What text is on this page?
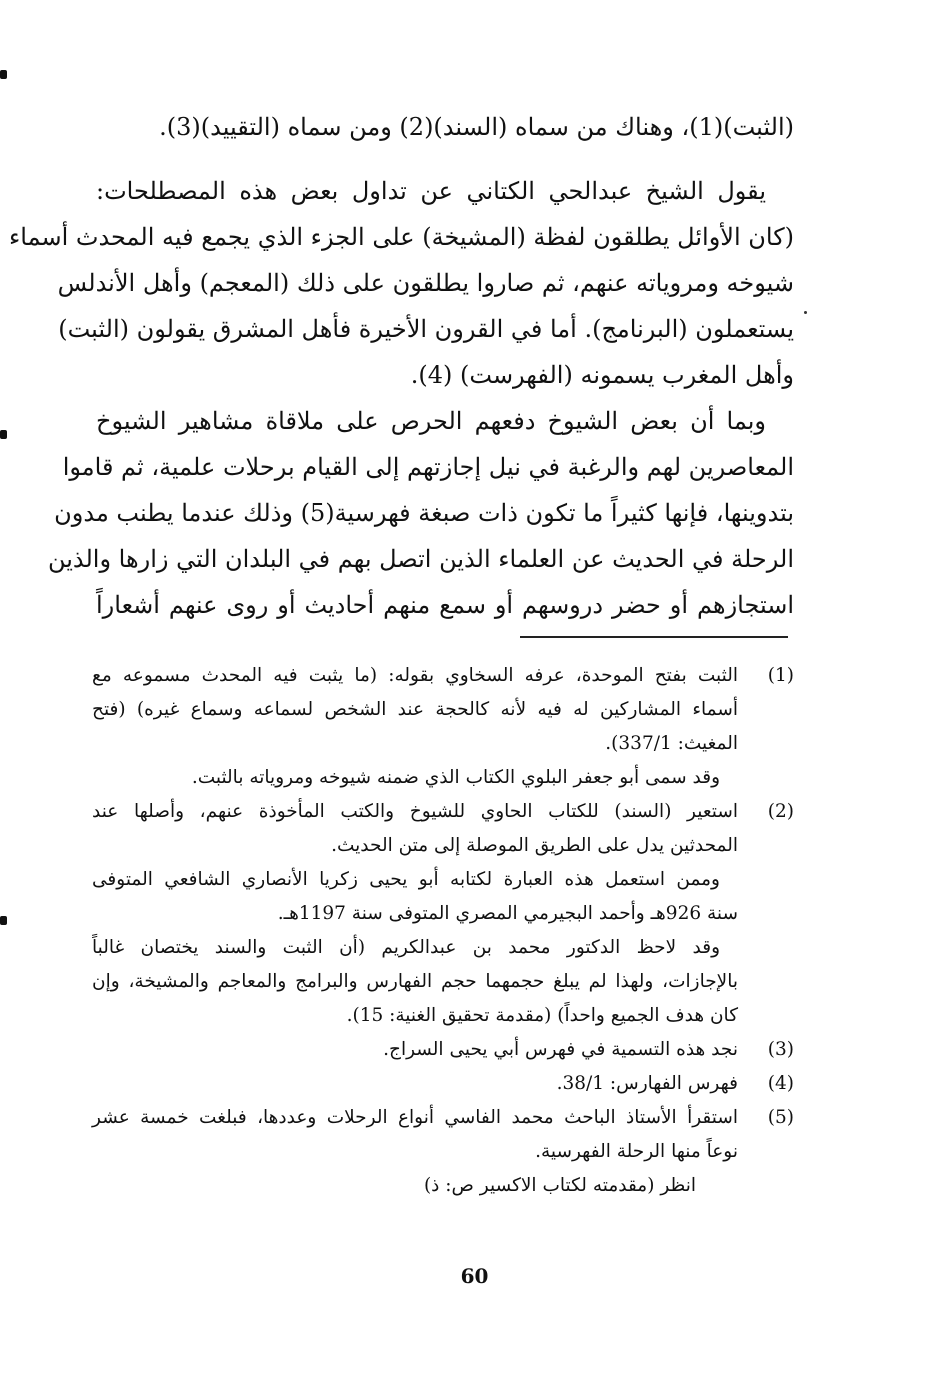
(الثبت)(1)، وهناك من سماه (السند)(2) ومن سماه (التقييد)(3).
يقول الشيخ عبدالحي الكتاني عن تداول بعض هذه المصطلحات:
(كان الأوائل يطلقون لفظة (المشيخة) على الجزء الذي يجمع فيه المحدث أسماء
شيوخه ومروياته عنهم، ثم صاروا يطلقون على ذلك (المعجم) وأهل الأندلس
يستعملون (البرنامج). أما في القرون الأخيرة فأهل المشرق يقولون (الثبت)
وأهل المغرب يسمونه (الفهرست) (4).
وبما أن بعض الشيوخ دفعهم الحرص على ملاقاة مشاهير الشيوخ
المعاصرين لهم والرغبة في نيل إجازتهم إلى القيام برحلات علمية، ثم قاموا
بتدوينها، فإنها كثيراً ما تكون ذات صبغة فهرسية(5) وذلك عندما يطنب مدون
الرحلة في الحديث عن العلماء الذين اتصل بهم في البلدان التي زارها والذين
استجازهم أو حضر دروسهم أو سمع منهم أحاديث أو روى عنهم أشعاراً
(1)
الثبت بفتح الموحدة، عرفه السخاوي بقوله: (ما يثبت فيه المحدث مسموعه مع
أسماء المشاركين له فيه لأنه كالحجة عند الشخص لسماعه وسماع غيره) (فتح
المغيث: 337/1).
وقد سمى أبو جعفر البلوي الكتاب الذي ضمنه شيوخه ومروياته بالثبت.
(2)
استعير (السند) للكتاب الحاوي للشيوخ والكتب المأخوذة عنهم، وأصلها عند
المحدثين يدل على الطريق الموصلة إلى متن الحديث.
وممن استعمل هذه العبارة لكتابه أبو يحيى زكريا الأنصاري الشافعي المتوفى
سنة 926هـ وأحمد البجيرمي المصري المتوفى سنة 1197هـ.
وقد لاحظ الدكتور محمد بن عبدالكريم (أن الثبت والسند يختصان غالباً
بالإجازات، ولهذا لم يبلغ حجمهما حجم الفهارس والبرامج والمعاجم والمشيخة، وإن
كان هدف الجميع واحداً) (مقدمة تحقيق الغنية: 15).
(3)
نجد هذه التسمية في فهرس أبي يحيى السراج.
(4)
فهرس الفهارس: 38/1.
(5)
استقرأ الأستاذ الباحث محمد الفاسي أنواع الرحلات وعددها، فبلغت خمسة عشر
نوعاً منها الرحلة الفهرسية.
انظر (مقدمته لكتاب الاكسير ص: ذ)
60
